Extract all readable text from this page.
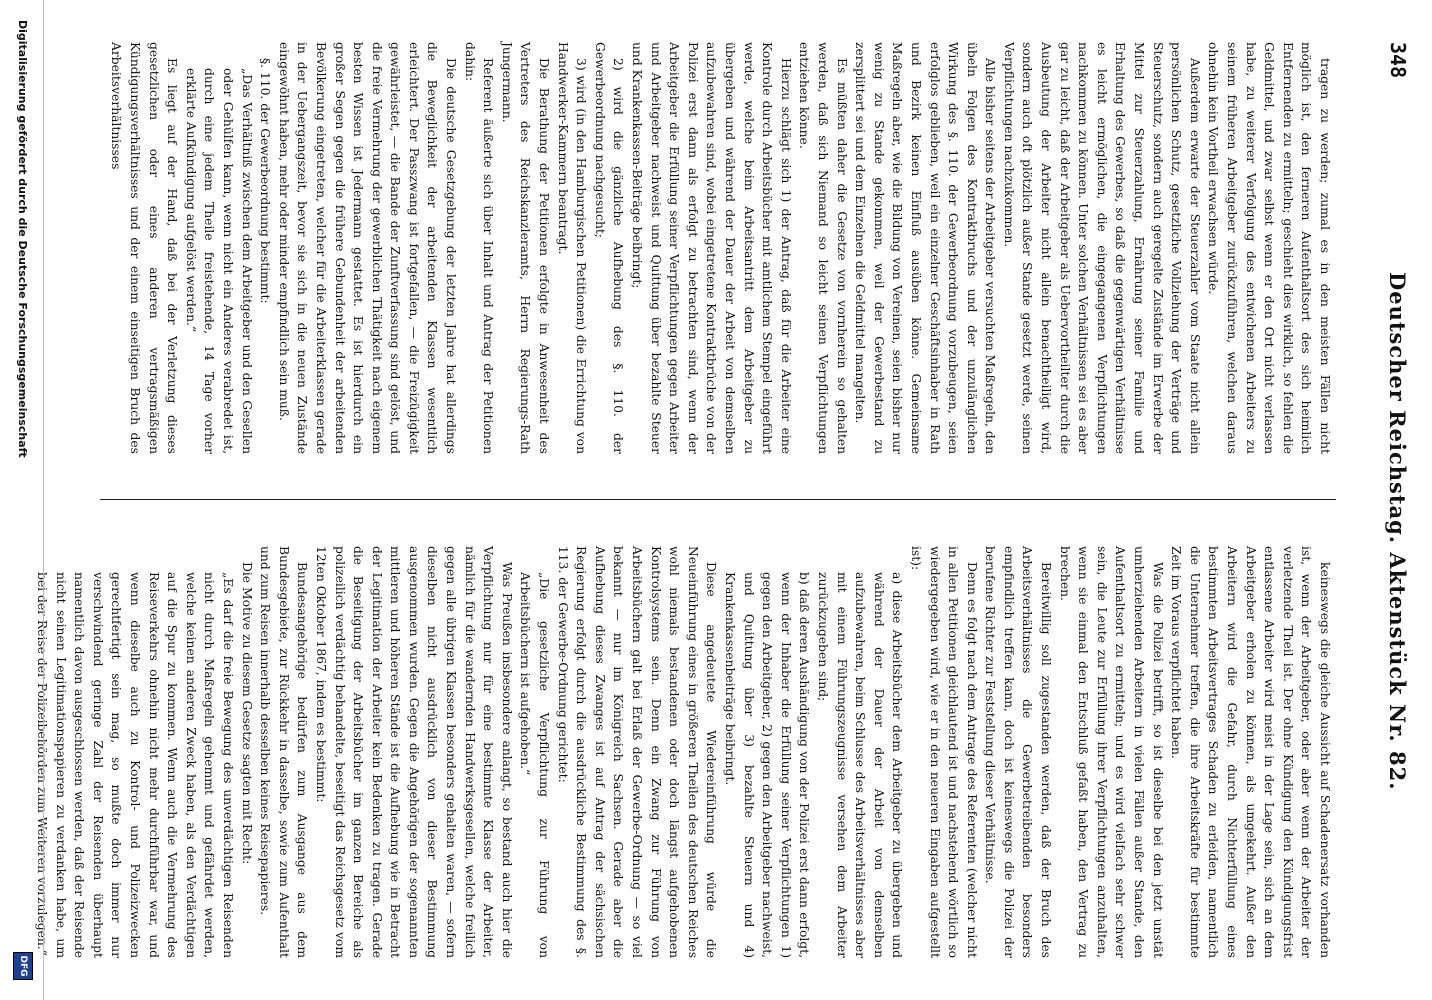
348
Deutscher Reichstag. Aktenstück Nr. 82.

tragen zu werden; zumal es in den meisten Fällen nicht möglich ist, den ferneren Aufenthaltsort des sich heimlich Entfernenden zu ermitteln; geschieht dies wirklich, so fehlen die Geldmittel, und zwar selbst wenn er den Ort nicht verlassen habe, zu weiterer Verfolgung des entwichenen Arbeiters zu seinem früheren Arbeitgeber zurückzuführen, welchen daraus ohnehin kein Vortheil erwachsen würde.

Außerdem erwarte der Steuerzahler vom Staate nicht allein persönlichen Schutz, gesetzliche Vollziehung der Verträge und Steuerschutz, sondern auch geregelte Zustände im Erwerbe der Mittel zur Steuerzahlung, Ernährung seiner Familie und Erhaltung des Gewerbes, so daß die gegenwärtigen Verhältnisse es leicht ermöglichen, die eingegangenen Verpflichtungen nachkommen zu können. Unter solchen Verhältnissen sei es aber gar zu leicht, daß der Arbeitgeber als Uebervortheilter durch die Ausbeutung der Arbeiter nicht allein benachtheiligt wird, sondern auch oft plötzlich außer Stande gesetzt werde, seinen Verpflichtungen nachzukommen.

Alle bisher seitens der Arbeitgeber versuchten Maßregeln, den übeln Folgen des Kontraktbruchs und der unzulänglichen Wirkung des §. 110. der Gewerbeordnung vorzubeugen, seien erfolglos geblieben, weil ein einzelner Geschäftsinhaber in Rath und Bezirk keinen Einfluß ausüben könne. Gemeinsame Maßregeln aber, wie die Bildung von Vereinen, seien bisher nur wenig zu Stande gekommen, weil der Gewerbestand zu zersplittert sei und dem Einzelnen die Geldmittel mangelten.

Es müßten daher die Gesetze von vornherein so gehalten werden, daß sich Niemand so leicht seinen Verpflichtungen entziehen könne.

Hierzu schlägt sich 1) der Antrag, daß für die Arbeiter eine Kontrole durch Arbeitsbücher mit amtlichem Stempel eingeführt werde, welche beim Arbeitsantritt dem Arbeitgeber zu übergeben und während der Dauer der Arbeit von demselben aufzubewahren sind, wobei eingetretene Kontraktbrüche von der Polizei erst dann als erfolgt zu betrachten sind, wenn der Arbeitgeber die Erfüllung seiner Verpflichtungen gegen Arbeiter und Arbeitgeber nachweist und Quittung über bezahlte Steuer und Krankenkassen-Beiträge beibringt;

2) wird die gänzliche Aufhebung des §. 110. der Gewerbeordnung nachgesucht;

3) wird (in den Hamburgischen Petitionen) die Errichtung von Handwerker-Kammern beantragt.

Die Berathung der Petitionen erfolgte in Anwesenheit des Vertreters des Reichskanzleramts, Herrn Regierungs-Rath Jungermann.

Referent äußerte sich über Inhalt und Antrag der Petitionen dahin:

Die deutsche Gesetzgebung der letzten Jahre hat allerdings die Beweglichkeit der arbeitenden Klassen wesentlich erleichtert. Der Passzwang ist fortgefallen, — die Freizügigkeit gewährleistet, — die Bande der Zunftverfassung sind gelöst, und die freie Vermehrung der gewerblichen Thätigkeit nach eigenem besten Wissen ist Jedermann gestattet. Es ist hierdurch ein großer Segen gegen die frühere Gebundenheit der arbeitenden Bevölkerung eingetreten, welcher für die Arbeiterklassen gerade in der Uebergangszeit, bevor sie sich in die neuen Zustände eingewöhnt haben, mehr oder minder empfindlich sein muß.

§. 110. der Gewerbeordnung bestimmt:

„Das Verhältniß zwischen dem Arbeitgeber und den Gesellen oder Gehülfen kann, wenn nicht ein Anderes verabredet ist, durch eine jedem Theile freistehende, 14 Tage vorher erklärte Aufkündigung aufgelöst werden.“

Es liegt auf der Hand, daß bei der Verletzung dieses gesetzlichen oder eines anderen vertragsmäßigen Kündigungsverhältnisses und der einem einseitigen Bruch des Arbeitsverhältnisses

keineswegs die gleiche Aussicht auf Schadenersatz vorhanden ist, wenn der Arbeitgeber, oder aber wenn der Arbeiter der verletzende Theil ist. Der ohne Kündigung den Kündigungsfrist entlassene Arbeiter wird meist in der Lage sein, sich an dem Arbeitgeber erholen zu können, als umgekehrt. Außer den Arbeitern wird die Gefahr, durch Nichterfüllung eines bestimmten Arbeitsvertrages Schaden zu erleiden, namentlich die Unternehmer treffen, die ihre Arbeitskräfte für bestimmte Zeit im Voraus verpflichtet haben.

Was die Polizei betrifft, so ist dieselbe bei den jetzt unstät umherziehenden Arbeitern in vielen Fällen außer Stande, den Aufenthaltsort zu ermitteln; und es wird vielfach sehr schwer sein, die Leute zur Erfüllung ihrer Verpflichtungen anzuhalten, wenn sie einmal den Entschluß gefaßt haben, den Vertrag zu brechen.

Bereitwillig soll zugestanden werden, daß der Bruch des Arbeitsverhältnisses die Gewerbetreibenden besonders empfindlich treffen kann, doch ist keineswegs die Polizei der berufene Richter zur Feststellung dieser Verhältnisse.

Denn es folgt nach dem Antrage des Referenten (welcher nicht in allen Petitionen gleichlautend ist und nachstehend wörtlich so wiedergegeben wird, wie er in den neueren Eingaben aufgestellt ist):

a) diese Arbeitsbücher dem Arbeitgeber zu übergeben und während der Dauer der Arbeit von demselben aufzubewahren, beim Schlusse des Arbeitsverhältnisses aber mit einem Führungszeugnisse versehen dem Arbeiter zurückzugeben sind;

b) daß deren Aushändigung von der Polizei erst dann erfolgt, wenn der Inhaber die Erfüllung seiner Verpflichtungen 1) gegen den Arbeitgeber, 2) gegen den Arbeitgeber nachweist, und Quittung über 3) bezahlte Steuern und 4) Krankenkassenbeiträge beibringt.

Diese angedeutete Wiedereinführung würde die Neueinführung eines in größeren Theilen des deutschen Reiches wohl niemals bestandenen oder doch längst aufgehobenen Kontrolsystems sein. Denn ein Zwang zur Führung von Arbeitsbüchern galt bei Erlaß der Gewerbe-Ordnung — so viel bekannt — nur im Königreich Sachsen. Gerade aber die Aufhebung dieses Zwanges ist auf Antrag der sächsischen Regierung erfolgt durch die ausdrückliche Bestimmung des §. 113. der Gewerbe-Ordnung gerichtet:

„Die gesetzliche Verpflichtung zur Führung von Arbeitsbüchern ist aufgehoben.“

Was Preußen insbesondere anlangt, so bestand auch hier die Verpflichtung nur für eine bestimmte Klasse der Arbeiter, nämlich für die wandernden Handwerksgesellen, welche freilich gegen alle übrigen Klassen besonders gehalten waren, — sofern dieselben nicht ausdrücklich von dieser Bestimmung ausgenommen wurden. Gegen die Angehörigen der sogenannten mittleren und höheren Stände ist die Aufhebung wie in Betracht der Legitimation der Arbeiter kein Bedenken zu tragen. Gerade die Beseitigung der Arbeitsbücher im ganzen Bereiche als polizeilich verdächtig behandelte, beseitigt das Reichsgesetz vom 12ten Oktober 1867, indem es bestimmt:

Bundesangehörige bedürfen zum Ausgange aus dem Bundesgebiete, zur Rückkehr in dasselbe, sowie zum Aufenthalt und zum Reisen innerhalb desselben keines Reisepapieres.

Die Motive zu diesem Gesetze sagten mit Recht:

„Es darf die freie Bewegung des unverdächtigen Reisenden nicht durch Maßregeln gehemmt und gefährdet werden, welche keinen anderen Zweck haben, als den Verdächtigen auf die Spur zu kommen. Wenn auch die Vermehrung des Reiseverkehrs ohnehin nicht mehr durchführbar war, und wenn dieselbe auch zu Kontrol- und Polizeizwecken gerechtfertigt sein mag, so mußte doch immer nur verschwindend geringe Zahl der Reisenden überhaupt namentlich davon ausgeschlossen werden, daß der Reisende nicht seinen Legitimationspapieren zu verdanken habe, um bei der Reise der Polizeibehörden zum Weiteren vorzulegen.“

Digitalisierung gefördert durch die Deutsche Forschungsgemeinschaft
DFG
